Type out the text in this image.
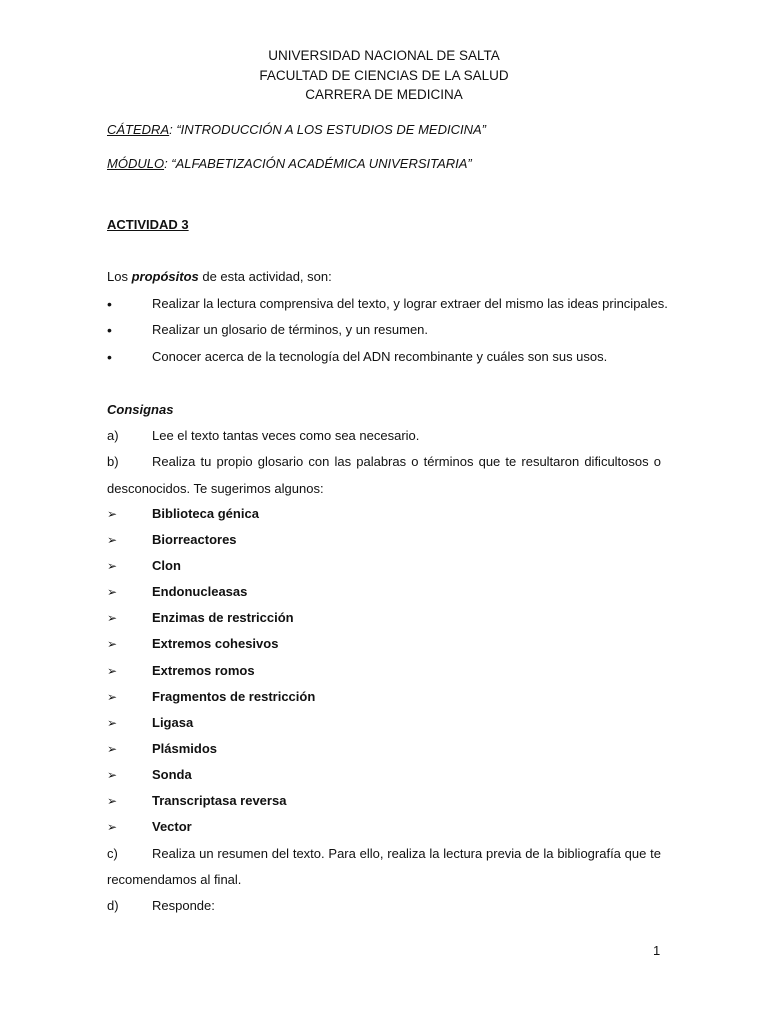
UNIVERSIDAD NACIONAL DE SALTA
FACULTAD DE CIENCIAS DE LA SALUD
CARRERA DE MEDICINA
CÁTEDRA: “INTRODUCCIÓN A LOS ESTUDIOS DE MEDICINA”
MÓDULO: “ALFABETIZACIÓN ACADÉMICA UNIVERSITARIA”
ACTIVIDAD 3
Los propósitos de esta actividad, son:
•	Realizar la lectura comprensiva del texto, y lograr extraer del mismo las ideas principales.
•	Realizar un glosario de términos, y un resumen.
•	Conocer acerca de la tecnología del ADN recombinante y cuáles son sus usos.
Consignas
a)	Lee el texto tantas veces como sea necesario.
b)	Realiza tu propio glosario con las palabras o términos que te resultaron dificultosos o
desconocidos. Te sugerimos algunos:
➢	Biblioteca génica
➢	Biorreactores
➢	Clon
➢	Endonucleasas
➢	Enzimas de restricción
➢	Extremos cohesivos
➢	Extremos romos
➢	Fragmentos de restricción
➢	Ligasa
➢	Plásmidos
➢	Sonda
➢	Transcriptasa reversa
➢	Vector
c)	Realiza un resumen del texto. Para ello, realiza la lectura previa de la bibliografía que te
recomendamos al final.
d)	Responde:
1
